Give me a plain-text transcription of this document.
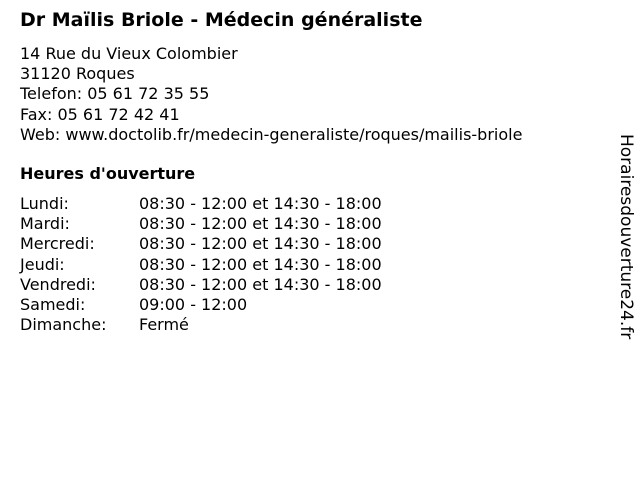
Dr Maïlis Briole - Médecin généraliste
14 Rue du Vieux Colombier
31120 Roques
Telefon: 05 61 72 35 55
Fax: 05 61 72 42 41
Web: www.doctolib.fr/medecin-generaliste/roques/mailis-briole
Heures d'ouverture
Lundi:	08:30 - 12:00 et 14:30 - 18:00
Mardi:	08:30 - 12:00 et 14:30 - 18:00
Mercredi:	08:30 - 12:00 et 14:30 - 18:00
Jeudi:	08:30 - 12:00 et 14:30 - 18:00
Vendredi:	08:30 - 12:00 et 14:30 - 18:00
Samedi:	09:00 - 12:00
Dimanche: Fermé	Horairesdouverture24.fr
